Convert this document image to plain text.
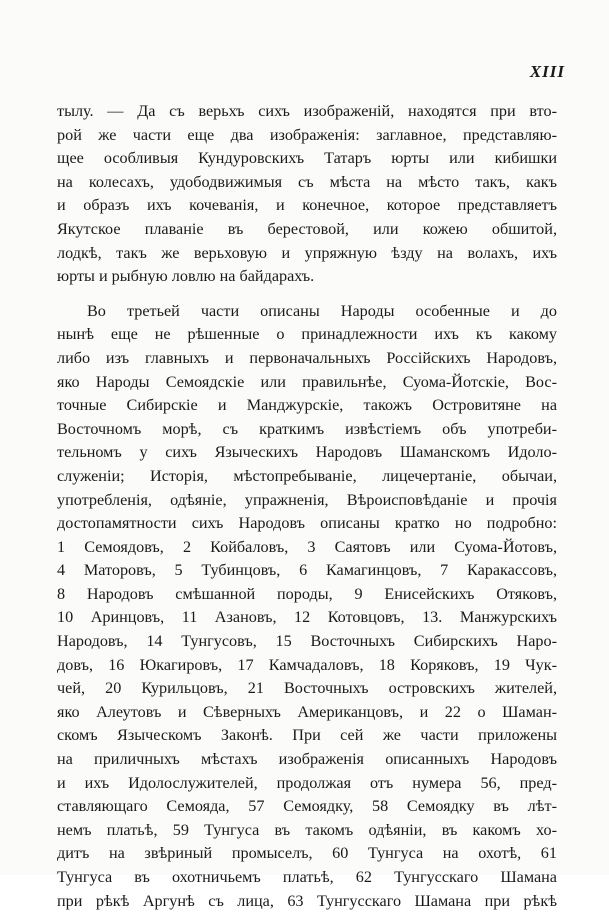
XIII
тылу. — Да съ верьхъ сихъ изображеній, находятся при вто-
рой же части еще два изображенія: заглавное, представляю-
щее особливыя Кундуровскихъ Татаръ юрты или кибишки
на колесахъ, удободвижимыя съ мѣста на мѣсто такъ, какъ
и образъ ихъ кочеванія, и конечное, которое представляетъ
Якутское плаваніе въ берестовой, или кожею обшитой,
лодкѣ, такъ же верьховую и упряжную ѣзду на волахъ, ихъ
юрты и рыбную ловлю на байдарахъ.
Во третьей части описаны Народы особенные и до
нынѣ еще не рѣшенные о принадлежности ихъ къ какому
либо изъ главныхъ и первоначальныхъ Россійскихъ Народовъ,
яко Народы Семоядскіе или правильнѣе, Суома-Йотскіе, Вос-
точные Сибирскіе и Манджурскіе, такожъ Островитяне на
Восточномъ морѣ, съ краткимъ извѣстіемъ объ употреби-
тельномъ у сихъ Языческихъ Народовъ Шаманскомъ Идоло-
служеніи; Исторія, мѣстопребываніе, лицечертаніе, обычаи,
употребленія, одѣяніе, упражненія, Вѣроисповѣданіе и прочія
достопамятности сихъ Народовъ описаны кратко но подробно:
1 Семоядовъ, 2 Койбаловъ, 3 Саятовъ или Суома-Йотовъ,
4 Маторовъ, 5 Тубинцовъ, 6 Камагинцовъ, 7 Каракассовъ,
8 Народовъ смѣшанной породы, 9 Енисейскихъ Отяковъ,
10 Аринцовъ, 11 Азановъ, 12 Котовцовъ, 13. Манжурскихъ
Народовъ, 14 Тунгусовъ, 15 Восточныхъ Сибирскихъ Наро-
довъ, 16 Юкагировъ, 17 Камчадаловъ, 18 Коряковъ, 19 Чук-
чей, 20 Курильцовъ, 21 Восточныхъ островскихъ жителей,
яко Алеутовъ и Сѣверныхъ Американцовъ, и 22 о Шаман-
скомъ Языческомъ Законѣ. При сей же части приложены
на приличныхъ мѣстахъ изображенія описанныхъ Народовъ
и ихъ Идолослужителей, продолжая отъ нумера 56, пред-
ставляющаго Семоядa, 57 Семоядку, 58 Семоядку въ лѣт-
немъ платьѣ, 59 Тунгуса въ такомъ одѣяніи, въ какомъ хо-
дитъ на звѣриный промыселъ, 60 Тунгуса на охотѣ, 61
Тунгуса въ охотничьемъ платьѣ, 62 Тунгусскаго Шамана
при рѣкѣ Аргунѣ съ лица, 63 Тунгусскаго Шамана при рѣкѣ
